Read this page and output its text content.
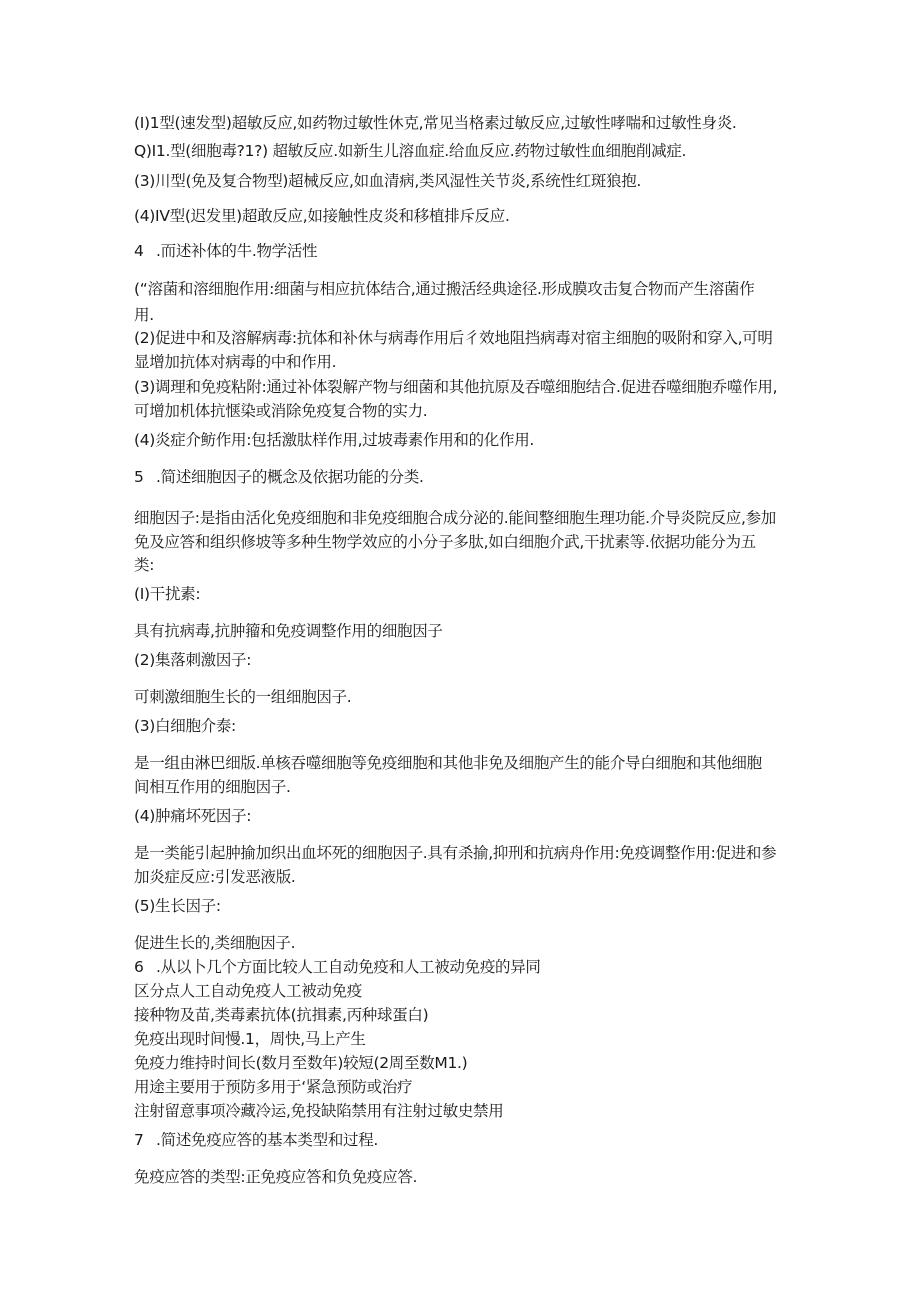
(I)1型(速发型)超敏反应,如药物过敏性休克,常见当格素过敏反应,过敏性哮喘和过敏性身炎.
Q)I1.型(细胞毒?1?) 超敏反应.如新生儿溶血症.给血反应.药物过敏性血细胞削减症.
(3)川型(免及复合物型)超械反应,如血清病,类风湿性关节炎,系统性红斑狼抱.
(4)IV型(迟发里)超敢反应,如接触性皮炎和移植排斥反应.
4 .而述补体的牛.物学活性
(“溶菌和溶细胞作用:细菌与相应抗体结合,通过搬活经典途径.形成膜攻击复合物而产生溶菌作
用.
(2)促进中和及溶解病毒:抗体和补休与病毒作用后彳效地阻挡病毒对宿主细胞的吸附和穿入,可明
显增加抗体对病毒的中和作用.
(3)调理和免疫粘附:通过补体裂解产物与细菌和其他抗原及吞噬细胞结合.促进吞噬细胞乔噬作用,
可增加机体抗惬染或消除免疫复合物的实力.
(4)炎症介鲂作用:包括激肽样作用,过坡毒素作用和的化作用.
5 .简述细胞因子的概念及依据功能的分类.
细胞因子:是指由活化免疫细胞和非免疫细胞合成分泌的.能间整细胞生理功能.介导炎院反应,参加
免及应答和组织修坡等多种生物学效应的小分子多肽,如白细胞介武,干扰素等.依据功能分为五
类:
(I)干扰素:
具有抗病毒,抗肿籀和免疫调整作用的细胞因子
(2)集落刺激因子:
可刺激细胞生长的一组细胞因子.
(3)白细胞介泰:
是一组由淋巴细版.单核吞噬细胞等免疫细胞和其他非免及细胞产生的能介导白细胞和其他细胞
间相互作用的细胞因子.
(4)肿痛坏死因子:
是一类能引起肿揄加织出血坏死的细胞因子.具有杀揄,抑刑和抗病舟作用:免疫调整作用:促进和参
加炎症反应:引发恶液版.
(5)生长因子:
促进生长的,类细胞因子.
6 .从以卜几个方面比较人工自动免疫和人工被动免疫的异同
区分点人工自动免疫人工被动免疫
接种物及苗,类毒素抗体(抗揖素,丙种球蛋白)
免疫出现时间慢.1，周快,马上产生
免疫力维持时间长(数月至数年)较短(2周至数M1.)
用途主要用于预防多用于‘紧急预防或治疗
注射留意事项冷藏冷运,免投缺陷禁用有注射过敏史禁用
7 .简述免疫应答的基本类型和过程.
免疫应答的类型:正免疫应答和负免疫应答.
